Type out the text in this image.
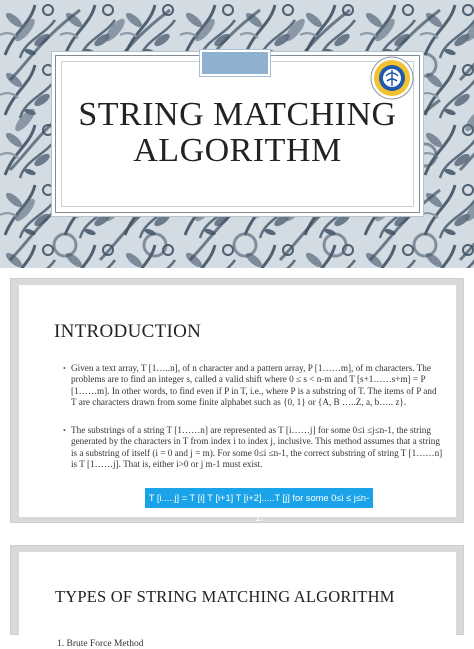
STRING MATCHING ALGORITHM
INTRODUCTION
• Given a text array, T [1…..n], of n character and a pattern array, P [1……m], of m characters. The problems are to find an integer s, called a valid shift where 0 ≤ s < n-m and T [s+1……s+m] = P [1……m]. In other words, to find even if P in T, i.e., where P is a substring of T. The items of P and T are characters drawn from some finite alphabet such as {0, 1} or {A, B …..Z, a, b….. z}.
• The substrings of a string T [1……n] are represented as T [i……j] for some 0≤i ≤j≤n-1, the string generated by the characters in T from index i to index j, inclusive. This method assumes that a string is a substring of itself (i = 0 and j = m). For some 0≤i ≤n-1, the correct substring of string T [1……n] is T [1……j]. That is, either i>0 or j m-1 must exist.
T [i.....j] = T [i] T [i+1] T [i+2].....T [j] for some 0≤i ≤ j≤n-1.
TYPES OF STRING MATCHING ALGORITHM
1. Brute Force Method
